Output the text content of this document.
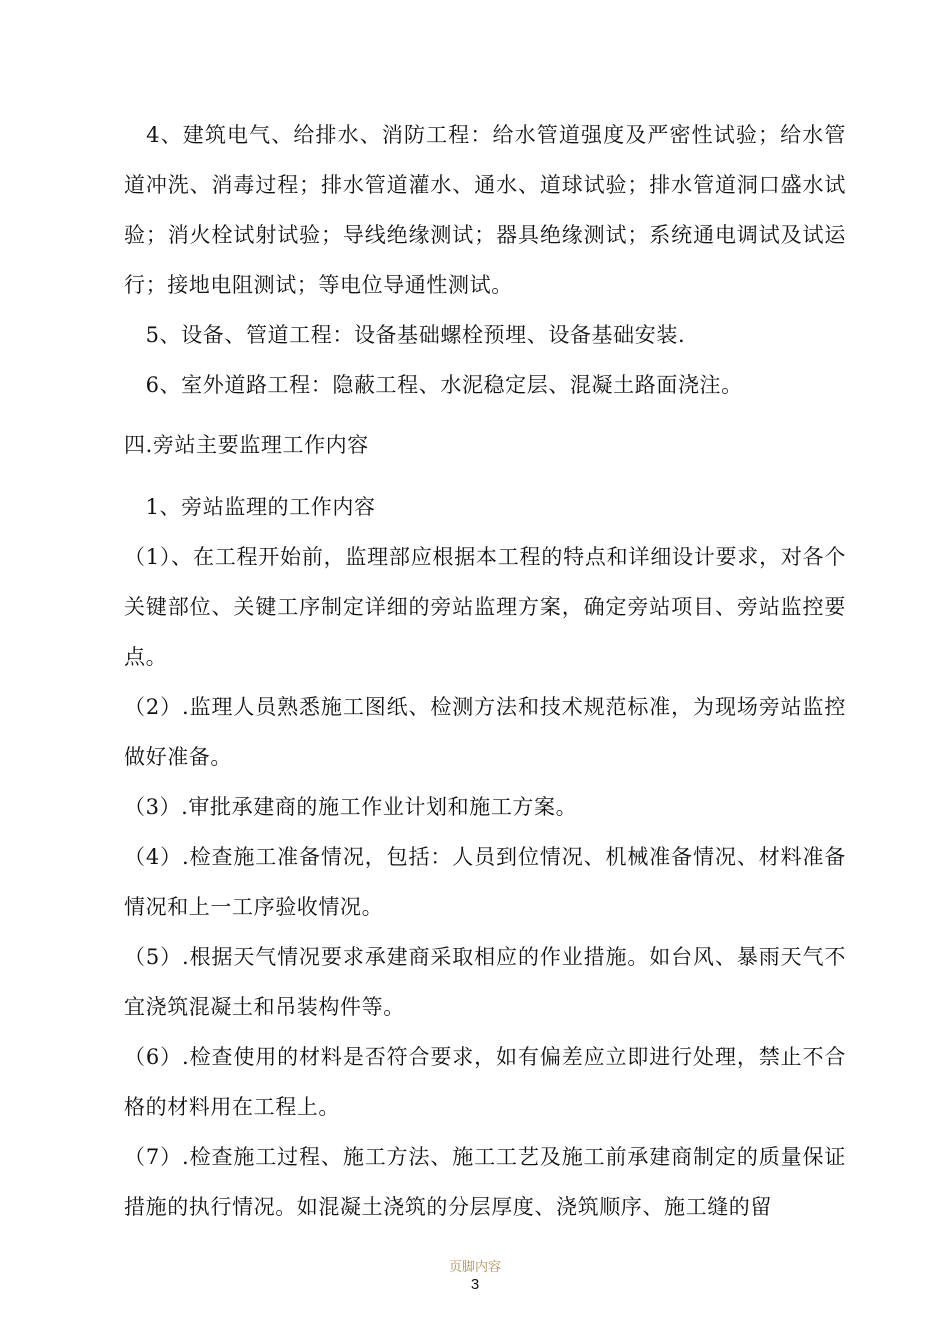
　4、建筑电气、给排水、消防工程：给水管道强度及严密性试验；给水管道冲洗、消毒过程；排水管道灌水、通水、道球试验；排水管道洞口盛水试验；消火栓试射试验；导线绝缘测试；器具绝缘测试；系统通电调试及试运行；接地电阻测试；等电位导通性测试。

　5、设备、管道工程：设备基础螺栓预埋、设备基础安装.

　6、室外道路工程：隐蔽工程、水泥稳定层、混凝土路面浇注。

四.旁站主要监理工作内容

　1、旁站监理的工作内容

（1）、在工程开始前，监理部应根据本工程的特点和详细设计要求，对各个关键部位、关键工序制定详细的旁站监理方案，确定旁站项目、旁站监控要点。

（2）.监理人员熟悉施工图纸、检测方法和技术规范标准，为现场旁站监控做好准备。

（3）.审批承建商的施工作业计划和施工方案。

（4）.检查施工准备情况，包括：人员到位情况、机械准备情况、材料准备情况和上一工序验收情况。

（5）.根据天气情况要求承建商采取相应的作业措施。如台风、暴雨天气不宜浇筑混凝土和吊装构件等。

（6）.检查使用的材料是否符合要求，如有偏差应立即进行处理，禁止不合格的材料用在工程上。

（7）.检查施工过程、施工方法、施工工艺及施工前承建商制定的质量保证措施的执行情况。如混凝土浇筑的分层厚度、浇筑顺序、施工缝的留

页脚内容
3
